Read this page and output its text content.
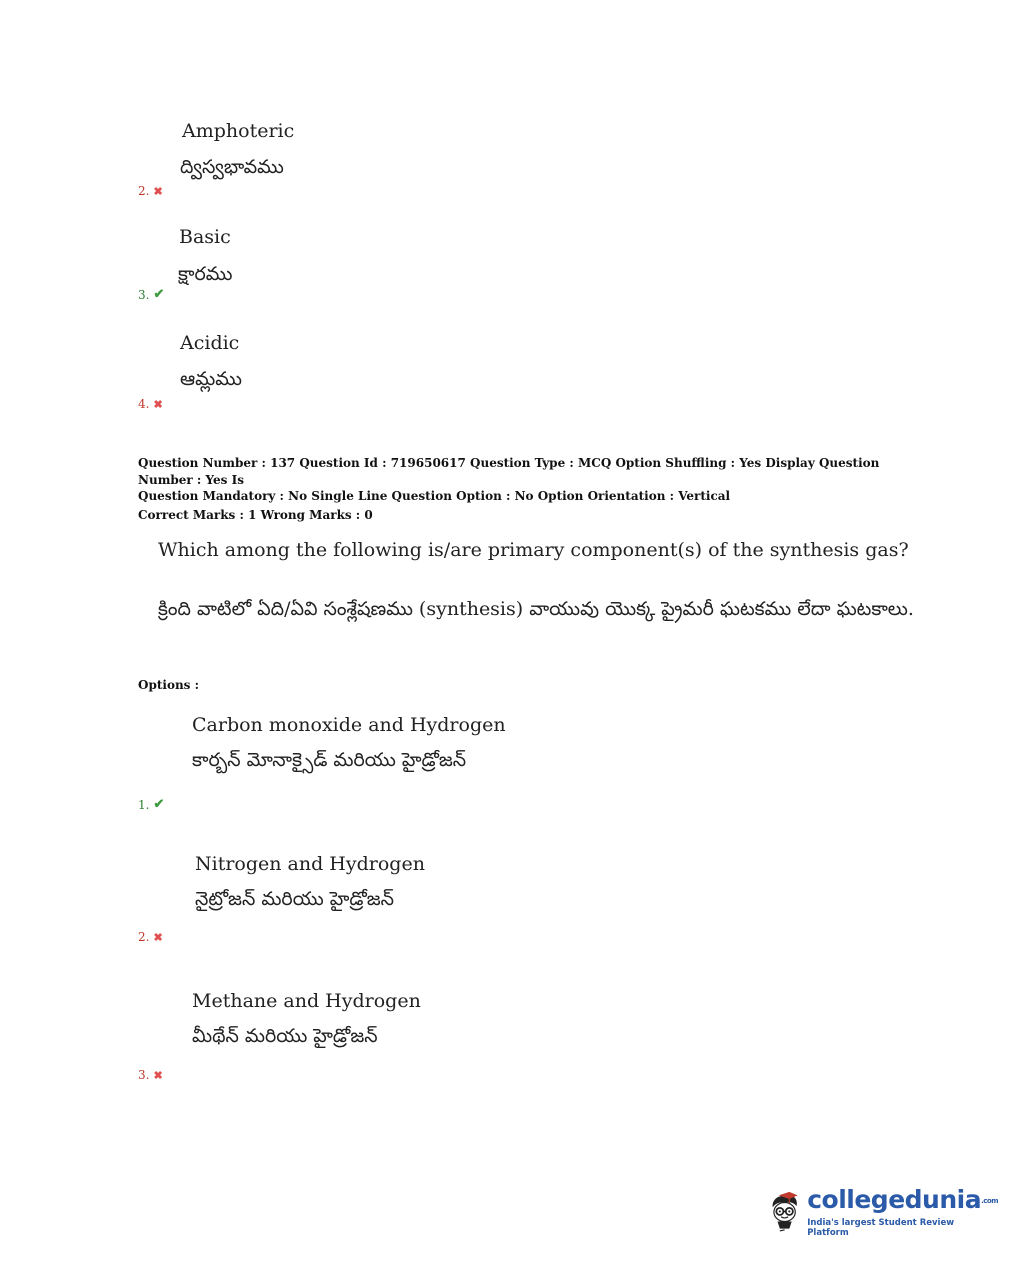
Amphoteric
ద్విస్వభావము
2. ✖
Basic
క్షారము
3. ✔
Acidic
ఆమ్లము
4. ✖
Question Number : 137 Question Id : 719650617 Question Type : MCQ Option Shuffling : Yes Display Question Number : Yes Is
Question Mandatory : No Single Line Question Option : No Option Orientation : Vertical
Correct Marks : 1 Wrong Marks : 0
Which among the following is/are primary component(s) of the synthesis gas?
క్రింది వాటిలో ఏది/ఏవి సంశ్లేషణము (synthesis) వాయువు యొక్క ప్రైమరీ ఘటకము లేదా ఘటకాలు.
Options :
Carbon monoxide and Hydrogen
కార్బన్ మోనాక్సైడ్ మరియు హైడ్రోజన్
1. ✔
Nitrogen and Hydrogen
నైట్రోజన్ మరియు హైడ్రోజన్
2. ✖
Methane and Hydrogen
మీథేన్ మరియు హైడ్రోజన్
3. ✖
collegedunia.com
India's largest Student Review Platform
